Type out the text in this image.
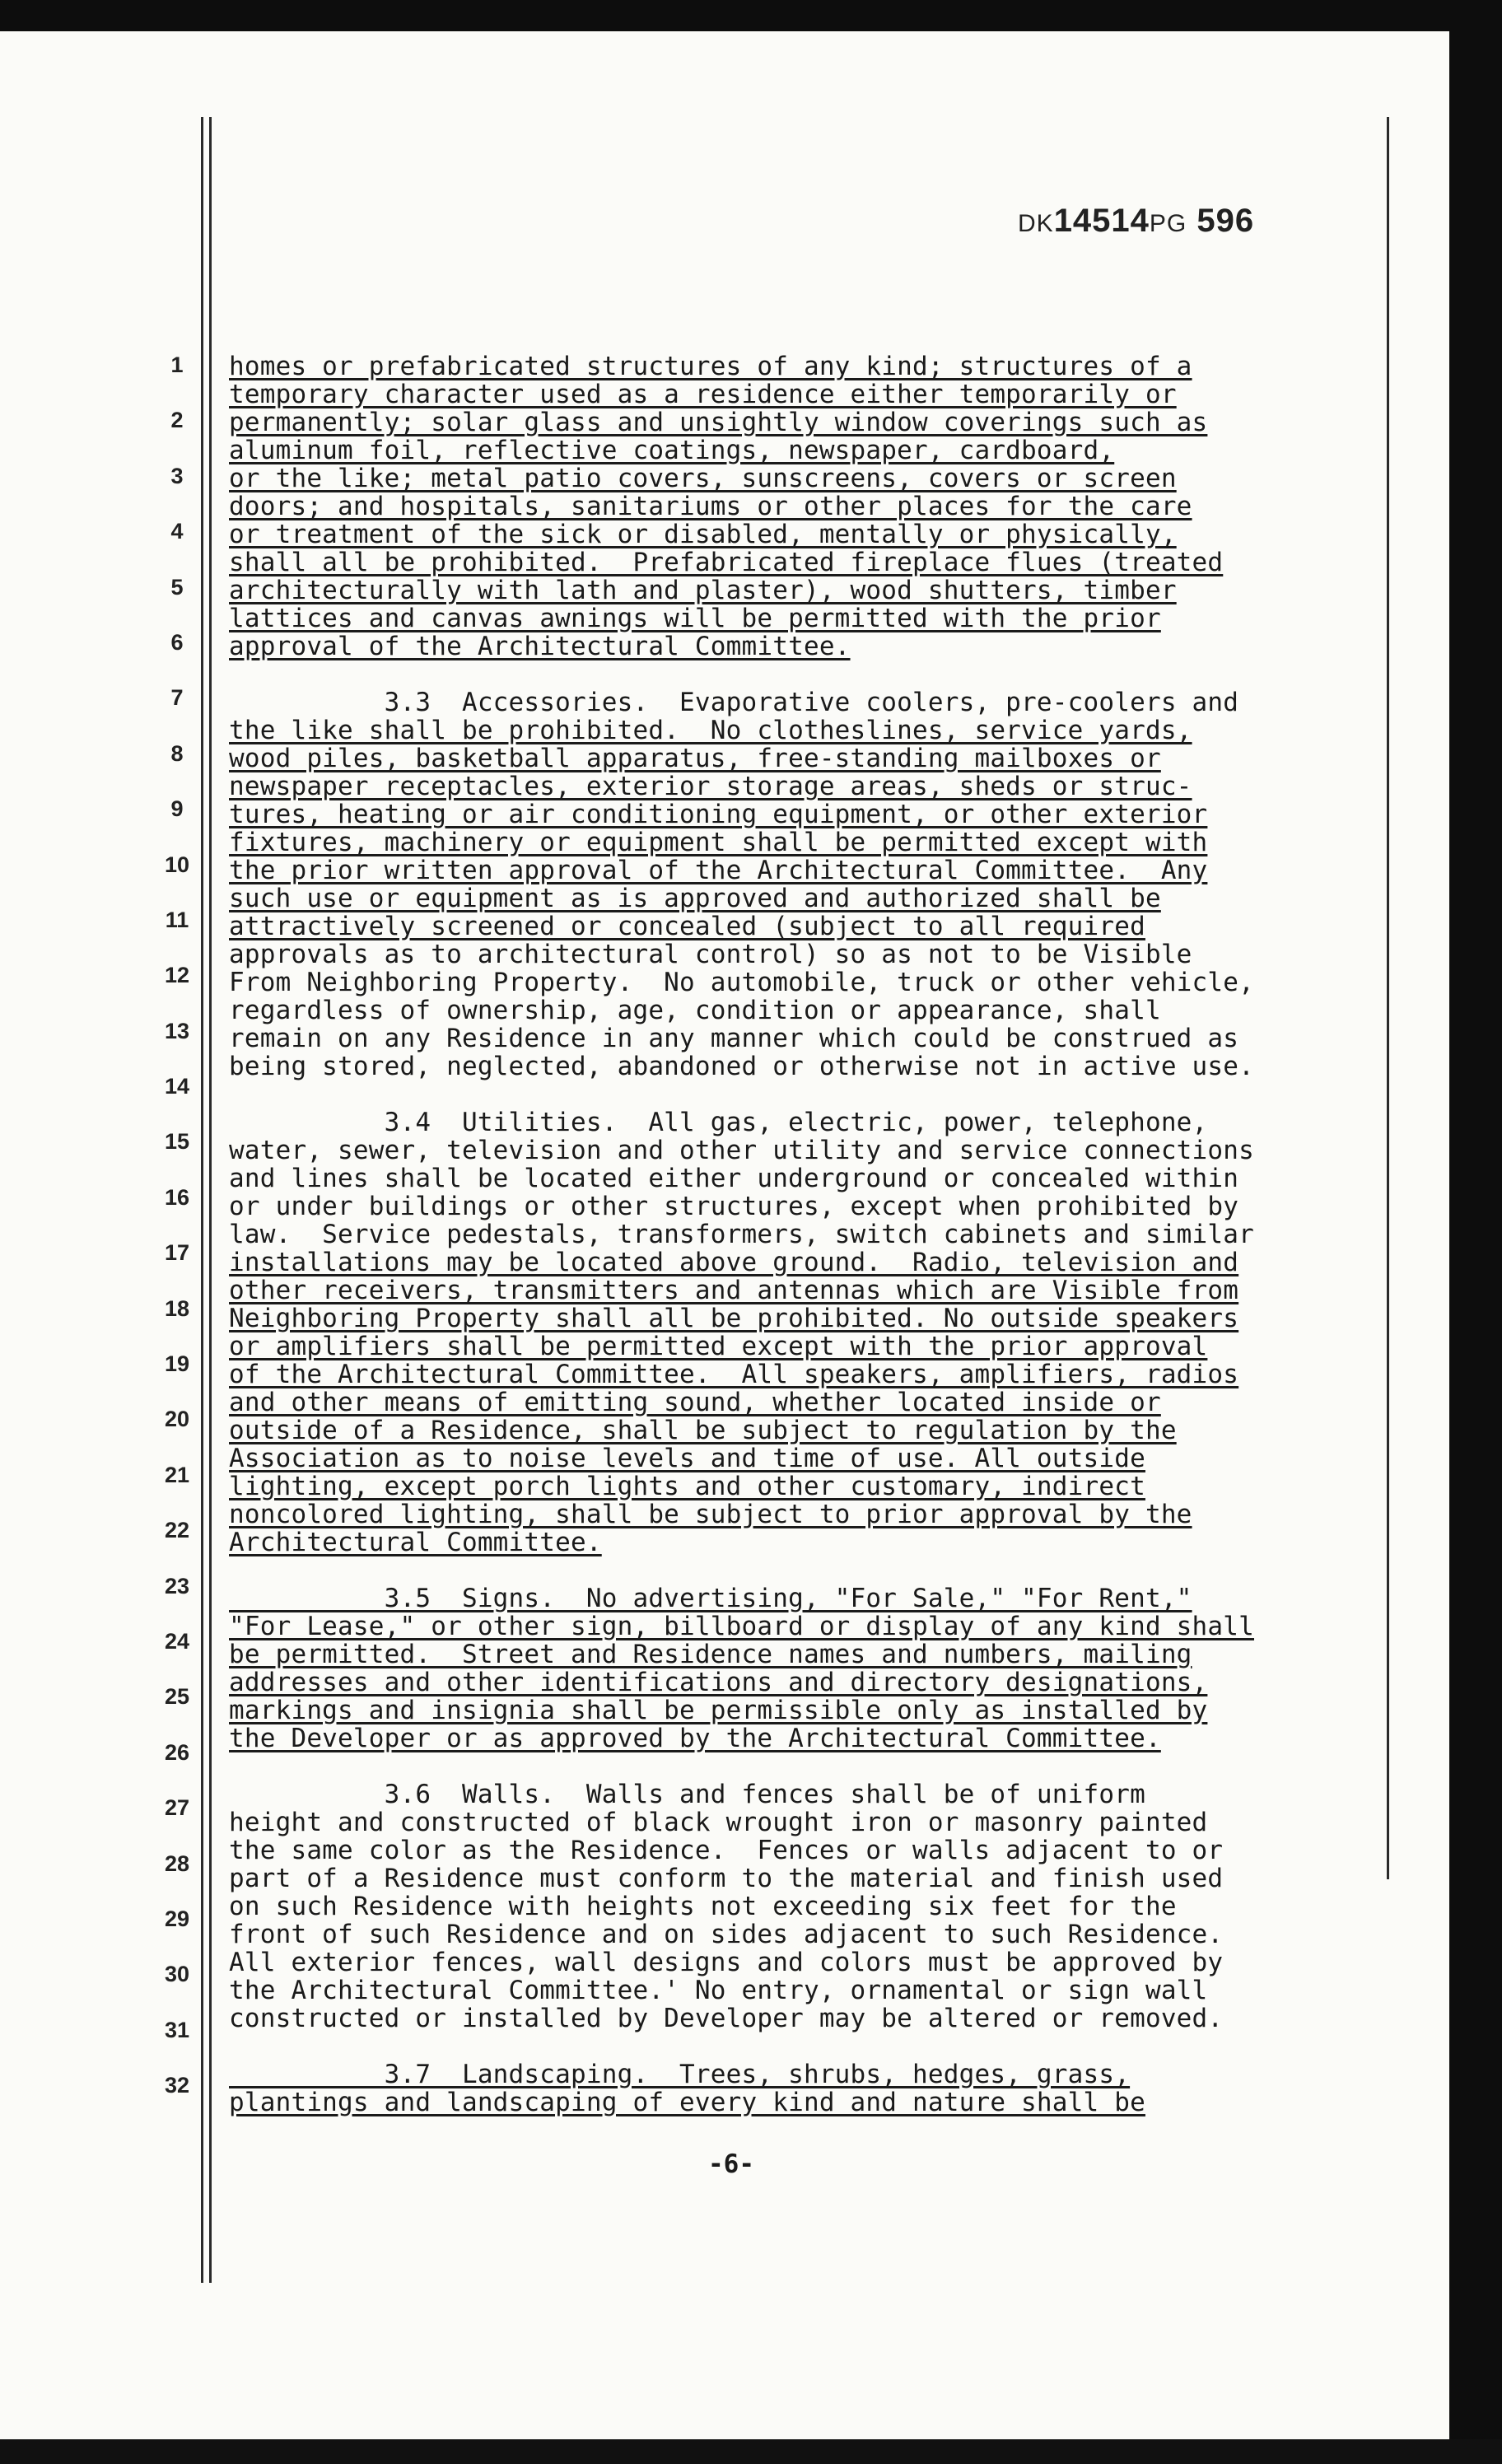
DK14514PG 596
1
2
3
4
5
6
7
8
9
10
11
12
13
14
15
16
17
18
19
20
21
22
23
24
25
26
27
28
29
30
31
32
homes or prefabricated structures of any kind; structures of a
temporary character used as a residence either temporarily or
permanently; solar glass and unsightly window coverings such as
aluminum foil, reflective coatings, newspaper, cardboard,
or the like; metal patio covers, sunscreens, covers or screen
doors; and hospitals, sanitariums or other places for the care
or treatment of the sick or disabled, mentally or physically,
shall all be prohibited.  Prefabricated fireplace flues (treated
architecturally with lath and plaster), wood shutters, timber
lattices and canvas awnings will be permitted with the prior
approval of the Architectural Committee.
3.3  Accessories.  Evaporative coolers, pre-coolers and
the like shall be prohibited.  No clotheslines, service yards,
wood piles, basketball apparatus, free-standing mailboxes or
newspaper receptacles, exterior storage areas, sheds or struc-
tures, heating or air conditioning equipment, or other exterior
fixtures, machinery or equipment shall be permitted except with
the prior written approval of the Architectural Committee.  Any
such use or equipment as is approved and authorized shall be
attractively screened or concealed (subject to all required
approvals as to architectural control) so as not to be Visible
From Neighboring Property.  No automobile, truck or other vehicle,
regardless of ownership, age, condition or appearance, shall
remain on any Residence in any manner which could be construed as
being stored, neglected, abandoned or otherwise not in active use.
3.4  Utilities.  All gas, electric, power, telephone,
water, sewer, television and other utility and service connections
and lines shall be located either underground or concealed within
or under buildings or other structures, except when prohibited by
law.  Service pedestals, transformers, switch cabinets and similar
installations may be located above ground.  Radio, television and
other receivers, transmitters and antennas which are Visible from
Neighboring Property shall all be prohibited. No outside speakers
or amplifiers shall be permitted except with the prior approval
of the Architectural Committee.  All speakers, amplifiers, radios
and other means of emitting sound, whether located inside or
outside of a Residence, shall be subject to regulation by the
Association as to noise levels and time of use. All outside
lighting, except porch lights and other customary, indirect
noncolored lighting, shall be subject to prior approval by the
Architectural Committee.
3.5  Signs.  No advertising, "For Sale," "For Rent,"
"For Lease," or other sign, billboard or display of any kind shall
be permitted.  Street and Residence names and numbers, mailing
addresses and other identifications and directory designations,
markings and insignia shall be permissible only as installed by
the Developer or as approved by the Architectural Committee.
3.6  Walls.  Walls and fences shall be of uniform
height and constructed of black wrought iron or masonry painted
the same color as the Residence.  Fences or walls adjacent to or
part of a Residence must conform to the material and finish used
on such Residence with heights not exceeding six feet for the
front of such Residence and on sides adjacent to such Residence.
All exterior fences, wall designs and colors must be approved by
the Architectural Committee.' No entry, ornamental or sign wall
constructed or installed by Developer may be altered or removed.
3.7  Landscaping.  Trees, shrubs, hedges, grass,
plantings and landscaping of every kind and nature shall be
-6-
